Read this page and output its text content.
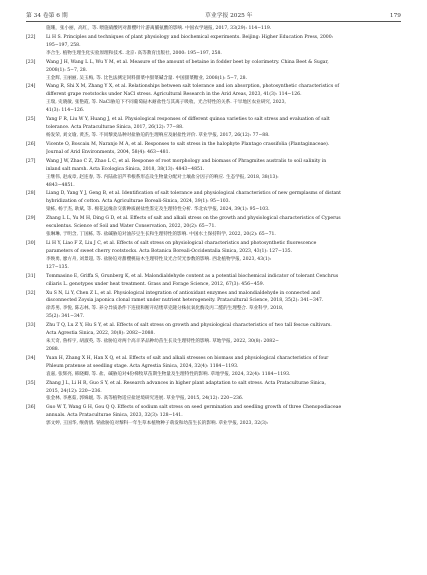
第 34 卷第 6 期	草业学报 2025 年	179
施珊，张小丽，高红，等. 喂施硝酸钙对甜樱叶片游离脯氨酸的影响. 中国农学通报, 2017, 33(29): 114−119.
[22]	Li H S. Principles and techniques of plant physiology and biochemical experiments. Beijing: Higher Education Press, 2000:
195−197, 258.
李合生. 植物生理生化实验原理和技术. 北京: 高等教育出版社, 2000: 195−197, 258.
[23]	Wang J H, Wang L L, Wu Y M, et al. Measure of the amount of betaine in fodder beet by colorimetry. China Beet & Sugar,
2008(1): 5−7, 28.
王金辉, 王丽丽, 吴玉梅, 等. 比色法测定饲料甜菜中甜菜碱含量. 中国甜菜糖业, 2008(1): 5−7, 28.
[24]	Wang R, Shi X M, Zhang Y X, et al. Relationships between salt tolerance and ion absorption, photosynthetic characteristics of
different grape rootstocks under NaCl stress. Agricultural Research in the Arid Areas, 2023, 41(3): 114−126.
王瑞, 史晓敏, 张艳霞, 等. NaCl胁迫下不同葡萄砧木耐盐性与其离子吸收、光合特性的关系. 干旱地区农业研究, 2023,
41(3): 114−126.
[25]	Yang F R, Liu W Y, Huang J, et al. Physiological responses of different quinoa varieties to salt stress and evaluation of salt
tolerance. Acta Prataculturae Sinica, 2017, 26(12): 77−88.
杨发荣, 刘文瑜, 黄杰, 等. 不同藜麦品种对盐胁迫的生理响应及耐盐性评价. 草业学报, 2017, 26(12): 77−88.
[26]	Vicente O, Boscaiu M, Naranjo M Á, et al. Responses to salt stress in the halophyte Plantago crassifolia (Plantaginaceae).
Journal of Arid Environments, 2004, 58(4): 463−481.
[27]	Wang J W, Zhao C Z, Zhao L C, et al. Response of root morphology and biomass of Phragmites australis to soil salinity in
inland salt marsh. Acta Ecologica Sinica, 2018, 38(13): 4843−4851.
王继伟, 赵成章, 赵连春, 等. 内陆盐沼芦苇根系形态及生物量分配对土壤盐分因子的响应. 生态学报, 2018, 38(13):
4843−4851.
[28]	Liang D, Yang Y J, Geng B, et al. Identification of salt tolerance and physiological characteristics of new germplasms of distant
hybridization of cotton. Acta Agriculturae Boreali-Sinica, 2024, 39(1): 95−103.
梁栋, 杨于杰, 耿斌, 等. 棉花远缘杂交新种质耐盐性鉴定及生理特性分析. 华北农学报, 2024, 39(1): 95−103.
[29]	Zhang L L, Yu M H, Ding G D, et al. Effects of salt and alkali stress on the growth and physiological characteristics of Cyperus
esculentus. Science of Soil and Water Conservation, 2022, 20(2): 65−71.
张琳琳, 于明含, 丁国栋, 等. 盐碱胁迫对油莎豆生长和生理特性的影响. 中国水土保持科学, 2022, 20(2): 65−71.
[30]	Li H Y, Liao F Z, Liu J C, et al. Effects of salt stress on physiological characteristics and photosynthetic fluorescence
parameters of sweet cherry rootstocks. Acta Botanica Boreali-Occidentalia Sinica, 2023, 43(1): 127−135.
李焕勇, 廖方舟, 刘景超, 等. 盐胁迫对甜樱桃砧木生理特性及光合荧光参数的影响. 西北植物学报, 2023, 43(1):
127−135.
[31]	Tommasino E, Griffa S, Grunberg K, et al. Malondialdehyde content as a potential biochemical indicator of tolerant Cenchrus
ciliaris L. genotypes under heat treatment. Grass and Forage Science, 2012, 67(3): 456−459.
[32]	Xu S N, Li Y, Chen Z L, et al. Physiological integration of antioxidant enzymes and malondialdehyde in connected and
disconnected Zoysia japonica clonal ramet under nutrient heterogeneity. Pratacultural Science, 2018, 35(2): 341−347.
徐苏男, 李悦, 陈志林, 等. 养分异质条件下连接和断开结缕草克隆分株抗氧化酶及丙二醛的生理整合. 草业科学, 2018,
35(2): 341−347.
[33]	Zhu T Q, Lu Z Y, Hu S Y, et al. Effects of salt stress on growth and physiological characteristics of two tall fescue cultivars.
Acta Agrestia Sinica, 2022, 30(8): 2082−2088.
朱天奇, 鲁梓宇, 胡淑英, 等. 盐胁迫对两个高羊茅品种幼苗生长及生理特性的影响. 草地学报, 2022, 30(8): 2082−
2088.
[34]	Yuan H, Zhang X H, Han X Q, et al. Effects of salt and alkali stresses on biomass and physiological characteristics of four
Phleum pratense at seedling stage. Acta Agrestia Sinica, 2024, 32(4): 1184−1193.
袁嘉, 张辉亮, 韩晓卿, 等. 盐、碱胁迫对4份梯牧草苗期生物量及生理特性的影响. 草地学报, 2024, 32(4): 1184−1193.
[35]	Zhang J L, Li H R, Guo S Y, et al. Research advances in higher plant adaptation to salt stress. Acta Prataculturae Sinica,
2015, 24(12): 220−236.
张金林, 李惠茹, 郭姝媛, 等. 高等植物适应盐逆境研究进展. 草业学报, 2015, 24(12): 220−236.
[36]	Guo W T, Wang G H, Gou Q Q. Effects of sodium salt stress on seed germination and seedling growth of three Chenopodiaceae
annuals. Acta Prataculturae Sinica, 2023, 32(3): 128−141.
郭文婷, 王国华, 缑倩倩. 钠盐胁迫对藜科一年生草本植物种子萌发和幼苗生长的影响. 草业学报, 2023, 32(3):
